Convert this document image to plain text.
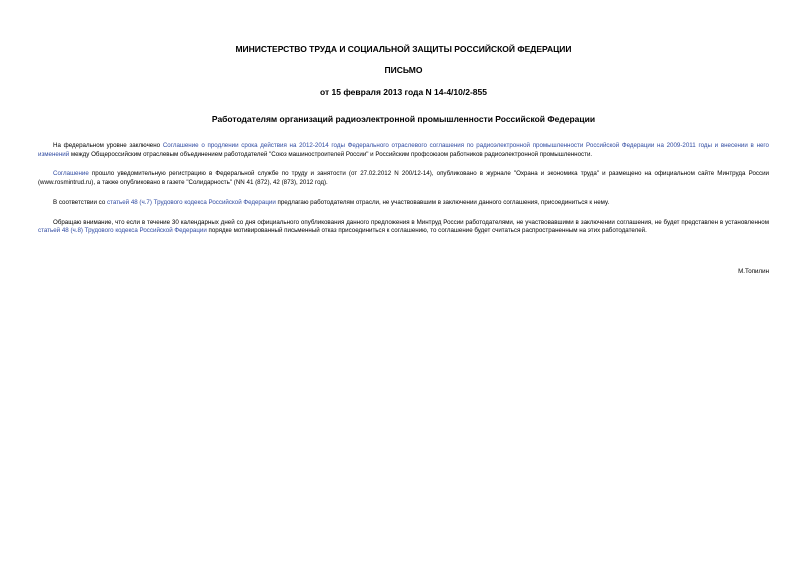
МИНИСТЕРСТВО ТРУДА И СОЦИАЛЬНОЙ ЗАЩИТЫ РОССИЙСКОЙ ФЕДЕРАЦИИ
ПИСЬМО
от 15 февраля 2013 года N 14-4/10/2-855
Работодателям организаций радиоэлектронной промышленности Российской Федерации

На федеральном уровне заключено Соглашение о продлении срока действия на 2012-2014 годы Федерального отраслевого соглашения по радиоэлектронной промышленности Российской Федерации на 2009-2011 годы и внесении в него изменений между Общероссийским отраслевым объединением работодателей "Союз машиностроителей России" и Российским профсоюзом работников радиоэлектронной промышленности.

Соглашение прошло уведомительную регистрацию в Федеральной службе по труду и занятости (от 27.02.2012 N 200/12-14), опубликовано в журнале "Охрана и экономика труда" и размещено на официальном сайте Минтруда России (www.rosmintrud.ru), а также опубликовано в газете "Солидарность" (NN 41 (872), 42 (873), 2012 год).

В соответствии со статьей 48 (ч.7) Трудового кодекса Российской Федерации предлагаю работодателям отрасли, не участвовавшим в заключении данного соглашения, присоединиться к нему.

Обращаю внимание, что если в течение 30 календарных дней со дня официального опубликования данного предложения в Минтруд России работодателями, не участвовавшими в заключении соглашения, не будет представлен в установленном статьей 48 (ч.8) Трудового кодекса Российской Федерации порядке мотивированный письменный отказ присоединиться к соглашению, то соглашение будет считаться распространенным на этих работодателей.

М.Топилин
